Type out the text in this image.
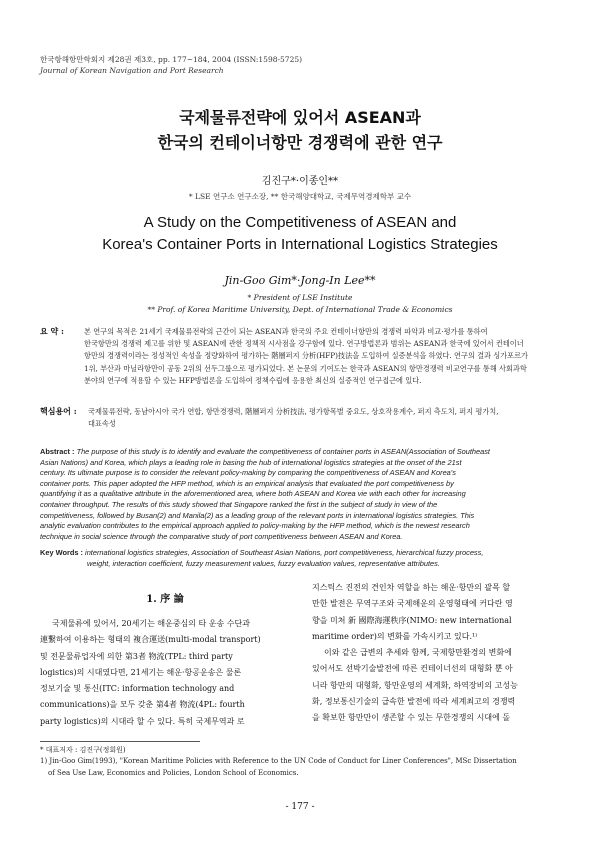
한국항해항만학회지 제28권 제3호, pp. 177~184, 2004 (ISSN:1598-5725)
Journal of Korean Navigation and Port Research
국제물류전략에 있어서 ASEAN과
한국의 컨테이너항만 경쟁력에 관한 연구
김진구*·이종인**
* LSE 연구소 연구소장, ** 한국해양대학교, 국제무역경제학부 교수
A Study on the Competitiveness of ASEAN and
Korea's Container Ports in International Logistics Strategies
Jin-Goo Gim*·Jong-In Lee**
* President of LSE Institute
** Prof. of Korea Maritime University, Dept. of International Trade & Economics
요 약 :	본 연구의 목적은 21세기 국제물류전략의 근간이 되는 ASEAN과 한국의 주요 컨테이너항만의 경쟁력 파악과 비교·평가를 통하여
한국항만의 경쟁력 제고를 위한 및 ASEAN에 관한 정책적 시사점을 강구함에 있다. 연구방법론과 범위는 ASEAN과 한국에 있어서 컨테이너
항만의 경쟁력이라는 정성적인 속성을 정량화하여 평가하는 階層퍼지 分析(HFP)技法을 도입하여 실증분석을 하였다. 연구의 결과 싱가포르가
1위, 부산과 마닐라항만이 공동 2위의 선두그룹으로 평가되었다. 본 논문의 기여도는 한국과 ASEAN의 항만경쟁력 비교연구를 통해 사회과학
분야의 연구에 적용할 수 있는 HFP방법론을 도입하여 정책수립에 응용한 최신의 실증적인 연구접근에 있다.
핵심용어 : 국제물류전략, 동남아시아 국가 연합, 항만경쟁력, 階層퍼지 分析技法, 평가항목별 중요도, 상호작용계수, 퍼지 측도치, 퍼지 평가치,
대표속성
Abstract : The purpose of this study is to identify and evaluate the competitiveness of container ports in ASEAN(Association of Southeast
Asian Nations) and Korea, which plays a leading role in basing the hub of international logistics strategies at the onset of the 21st
century. Its ultimate purpose is to consider the relevant policy-making by comparing the competitiveness of ASEAN and Korea's
container ports. This paper adopted the HFP method, which is an empirical analysis that evaluated the port competitiveness by
quantifying it as a qualitative attribute in the aforementioned area, where both ASEAN and Korea vie with each other for increasing
container throughput. The results of this study showed that Singapore ranked the first in the subject of study in view of the
competitiveness, followed by Busan(2) and Manila(2) as a leading group of the relevant ports in international logistics strategies. This
analytic evaluation contributes to the empirical approach applied to policy-making by the HFP method, which is the newest research
technique in social science through the comparative study of port competitiveness between ASEAN and Korea.
Key Words : international logistics strategies, Association of Southeast Asian Nations, port competitiveness, hierarchical fuzzy process,
weight, interaction coefficient, fuzzy measurement values, fuzzy evaluation values, representative attributes.
1. 序 論
국제물류에 있어서, 20세기는 해운중심의 타 운송 수단과
連繫하여 이용하는 형태의 複合運送(multi-modal transport)
및 전문물류업자에 의한 第3者 物流(TPL: third party
logistics)의 시대였다면, 21세기는 해운·항공운송은 물론
정보기술 및 통신(ITC: information technology and
communications)을 모두 갖춘 第4者 物流(4PL: fourth
party logistics)의 시대라 할 수 있다. 특히 국제무역과 로
지스틱스 진전의 견인차 역할을 하는 해운·항만의 괄목 할
만한 발전은 무역구조와 국제해운의 운영형태에 커다란 영
향을 미쳐 新 國際海運秩序(NIMO: new international
maritime order)의 변화를 가속시키고 있다.¹⁾
이와 같은 급변의 추세와 함께, 국제항만환경의 변화에
있어서도 선박기술발전에 따른 컨테이너선의 대형화 뿐 아
니라 항만의 대형화, 항만운영의 세계화, 하역장비의 고성능
화, 정보통신기술의 급속한 발전에 따라 세계최고의 경쟁력
을 확보한 항만만이 생존할 수 있는 무한경쟁의 시대에 돌
* 대표저자 : 김진구(정회원)
1) Jin-Goo Gim(1993), "Korean Maritime Policies with Reference to the UN Code of Conduct for Liner Conferences", MSc Dissertation
of Sea Use Law, Economics and Policies, London School of Economics.
- 177 -
